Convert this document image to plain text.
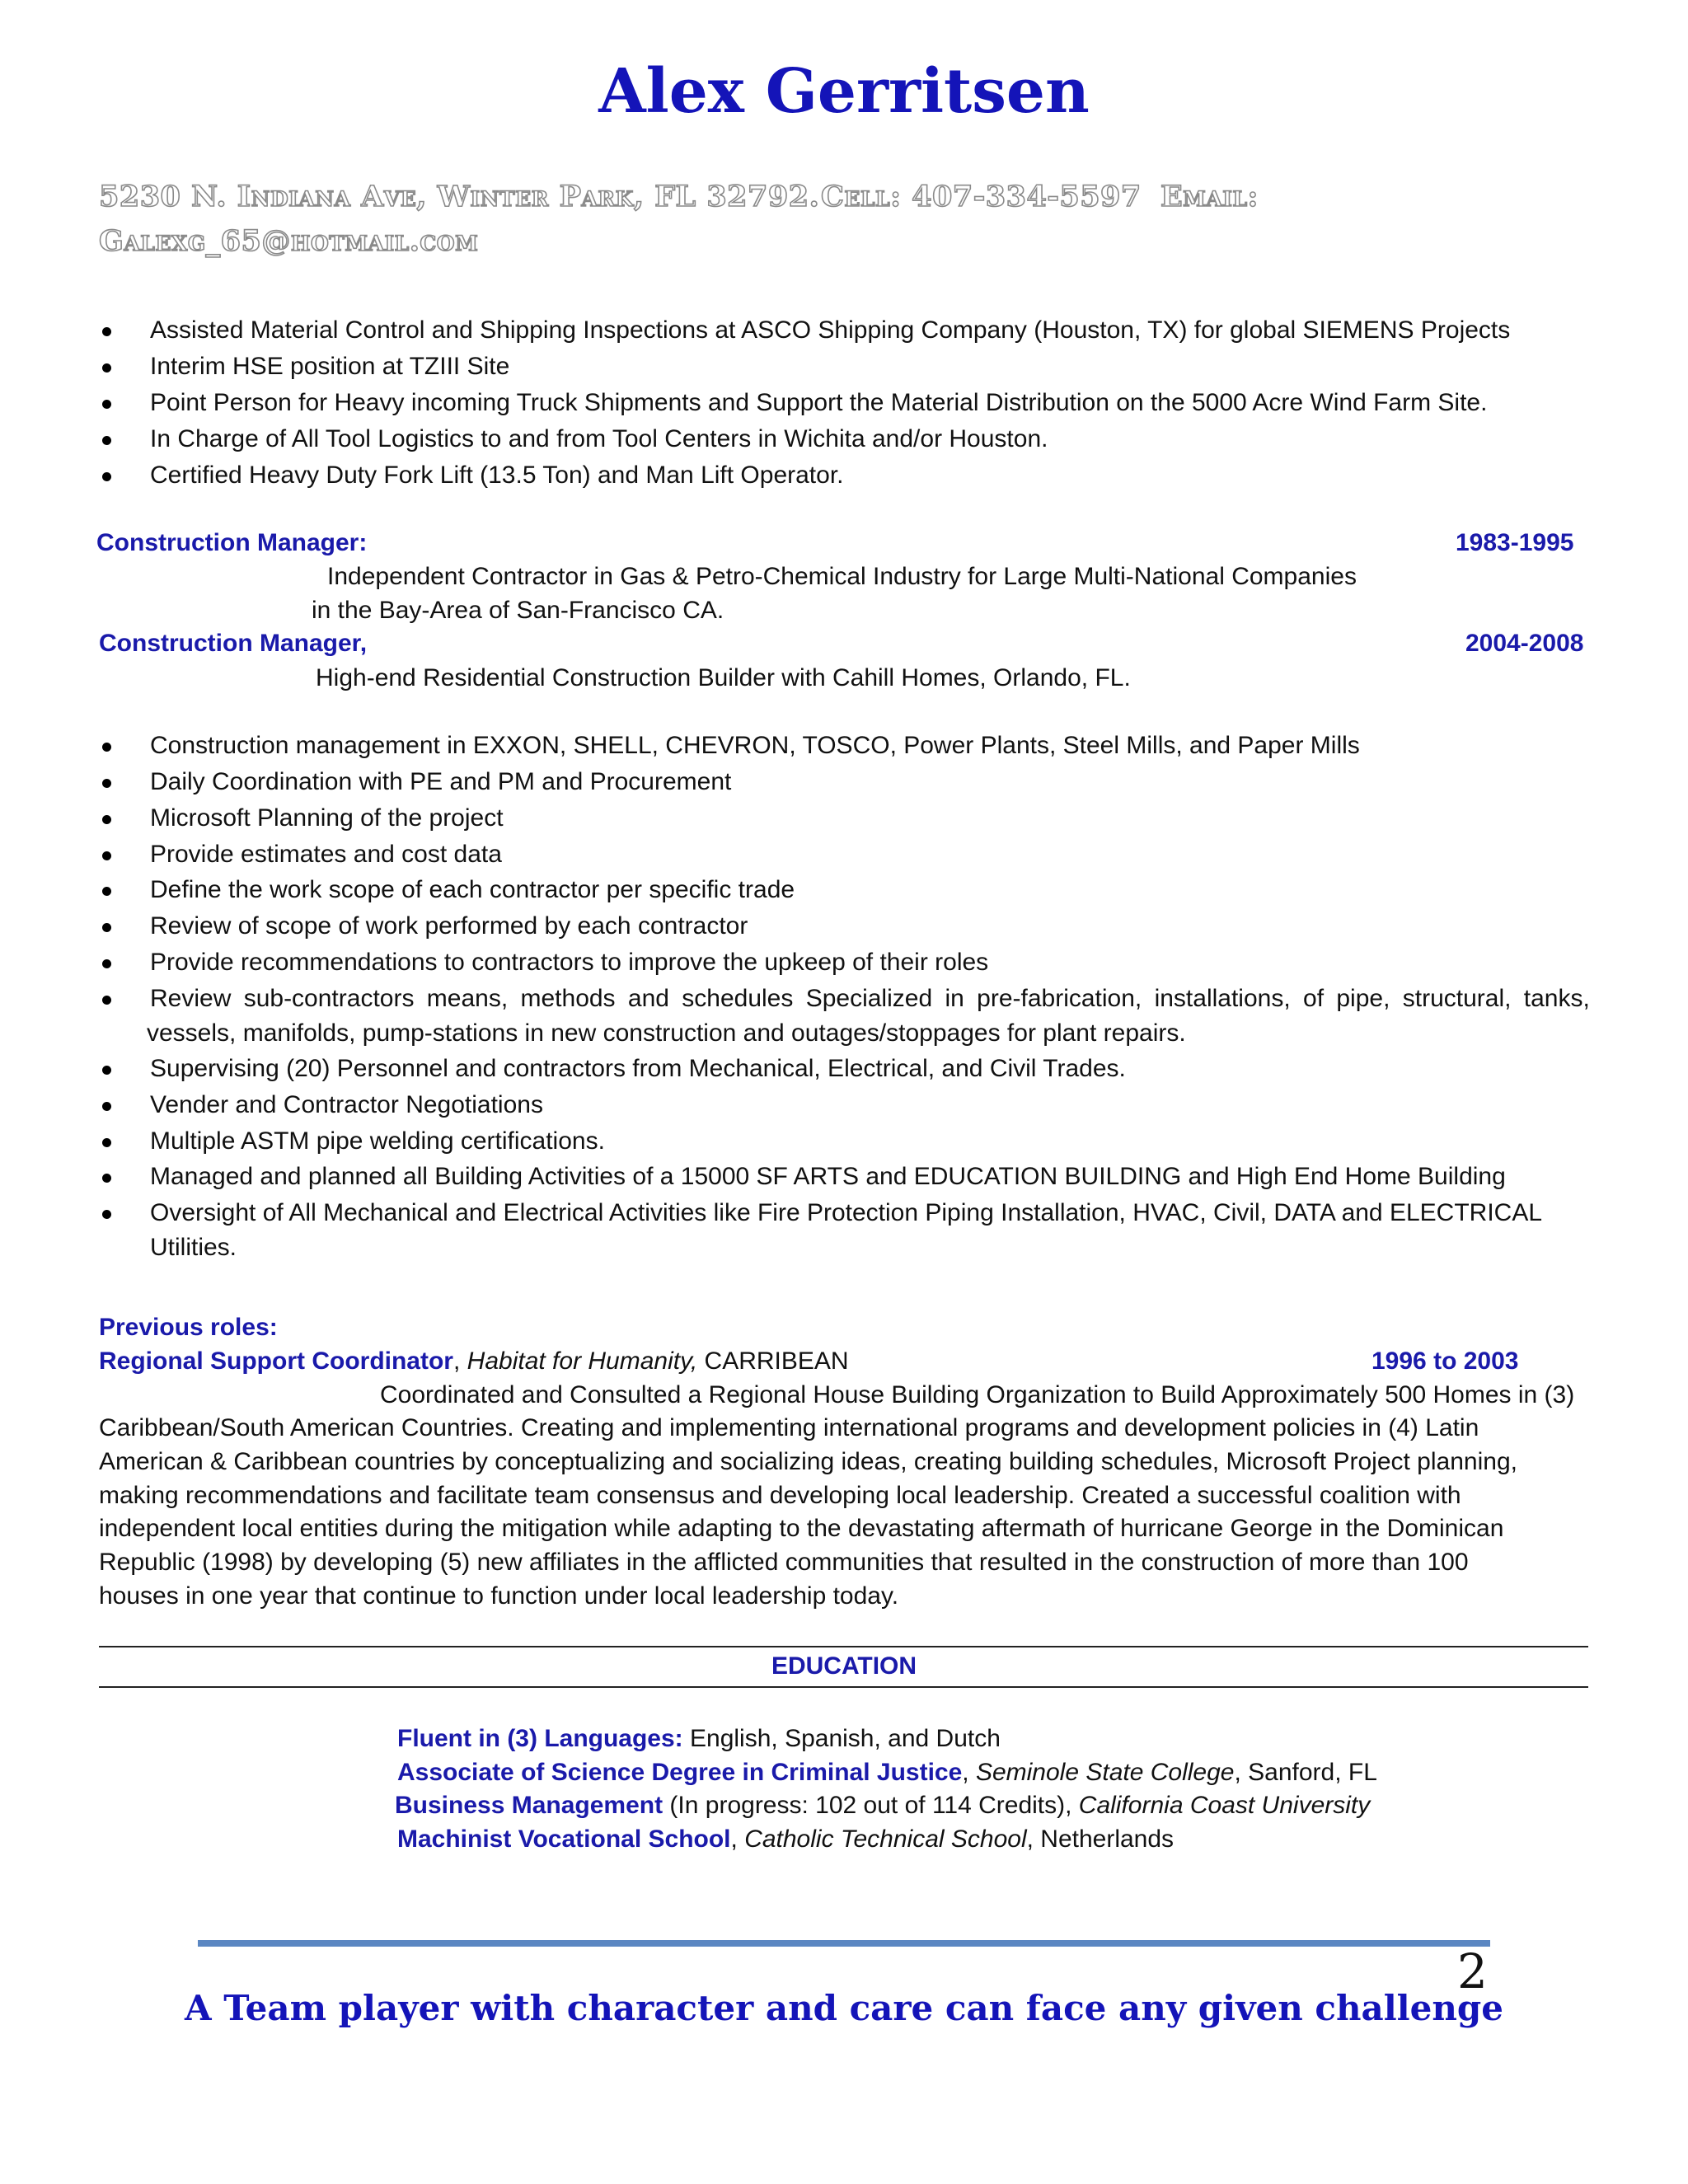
Alex Gerritsen
5230 N. Indiana Ave, Winter Park, FL 32792. Cell: 407-334-5597 Email:
Galexg_65@hotmail.com
Assisted Material Control and Shipping Inspections at ASCO Shipping Company (Houston, TX) for global SIEMENS Projects
Interim HSE position at TZIII Site
Point Person for Heavy incoming Truck Shipments and Support the Material Distribution on the 5000 Acre Wind Farm Site.
In Charge of All Tool Logistics to and from Tool Centers in Wichita and/or Houston.
Certified Heavy Duty Fork Lift (13.5 Ton) and Man Lift Operator.
Construction Manager:	1983-1995
Independent Contractor in Gas & Petro-Chemical Industry for Large Multi-National Companies
in the Bay-Area of San-Francisco CA.
Construction Manager,	2004-2008
High-end Residential Construction Builder with Cahill Homes, Orlando, FL.
Construction management in EXXON, SHELL, CHEVRON, TOSCO, Power Plants, Steel Mills, and Paper Mills
Daily Coordination with PE and PM and Procurement
Microsoft Planning of the project
Provide estimates and cost data
Define the work scope of each contractor per specific trade
Review of scope of work performed by each contractor
Provide recommendations to contractors to improve the upkeep of their roles
Review sub-contractors means, methods and schedules Specialized in pre-fabrication, installations, of pipe, structural, tanks,
vessels, manifolds, pump-stations in new construction and outages/stoppages for plant repairs.
Supervising (20) Personnel and contractors from Mechanical, Electrical, and Civil Trades.
Vender and Contractor Negotiations
Multiple ASTM pipe welding certifications.
Managed and planned all Building Activities of a 15000 SF ARTS and EDUCATION BUILDING and High End Home Building
Oversight of All Mechanical and Electrical Activities like Fire Protection Piping Installation, HVAC, Civil, DATA and ELECTRICAL
Utilities.
Previous roles:
Regional Support Coordinator, Habitat for Humanity, CARRIBEAN	1996 to 2003
Coordinated and Consulted a Regional House Building Organization to Build Approximately 500 Homes in (3)
Caribbean/South American Countries. Creating and implementing international programs and development policies in (4) Latin
American & Caribbean countries by conceptualizing and socializing ideas, creating building schedules, Microsoft Project planning,
making recommendations and facilitate team consensus and developing local leadership. Created a successful coalition with
independent local entities during the mitigation while adapting to the devastating aftermath of hurricane George in the Dominican
Republic (1998) by developing (5) new affiliates in the afflicted communities that resulted in the construction of more than 100
houses in one year that continue to function under local leadership today.
EDUCATION
Fluent in (3) Languages: English, Spanish, and Dutch
Associate of Science Degree in Criminal Justice, Seminole State College, Sanford, FL
Business Management (In progress: 102 out of 114 Credits), California Coast University
Machinist Vocational School, Catholic Technical School, Netherlands
2
A Team player with character and care can face any given challenge
